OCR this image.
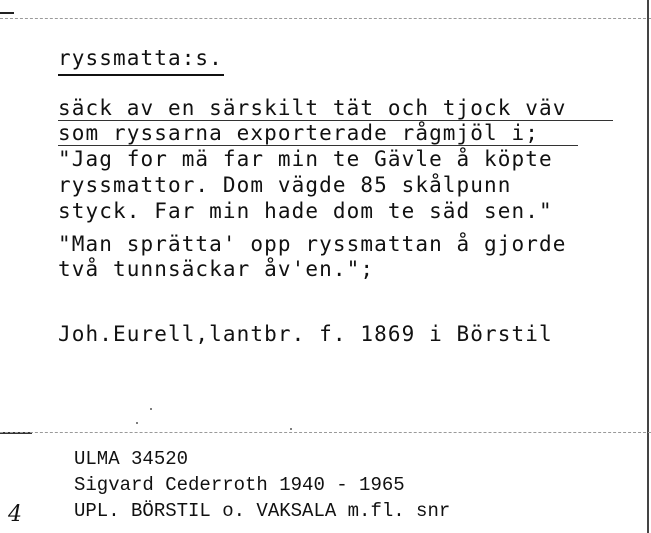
ryssmatta:s.
säck av en särskilt tät och tjock väv
som ryssarna exporterade rågmjöl i;
"Jag for mä far min te Gävle å köpte
ryssmattor. Dom vägde 85 skålpunn
styck. Far min hade dom te säd sen."
"Man sprätta' opp ryssmattan å gjorde
två tunnsäckar åv'en.";
Joh.Eurell,lantbr. f. 1869 i Börstil
ULMA 34520
Sigvard Cederroth 1940 - 1965
UPL. BÖRSTIL o. VAKSALA m.fl. snr
4
